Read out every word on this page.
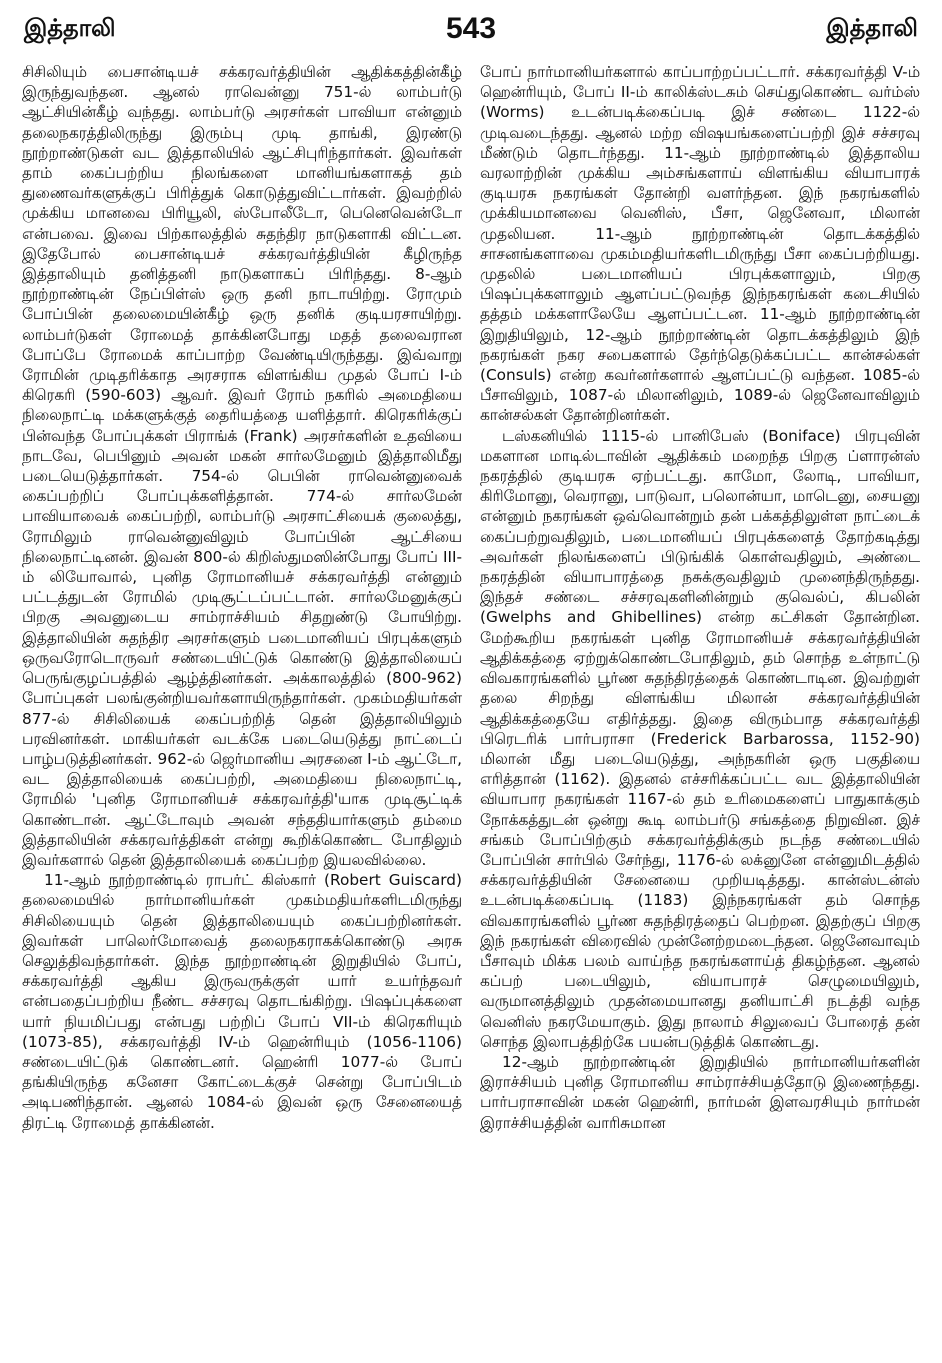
இத்தாலி	543	இத்தாலி

சிசிலியும் பைசான்டியச் சக்கரவர்த்தியின் ஆதிக்கத்தின்கீழ் இருந்துவந்தன. ஆனல் ராவென்னு 751-ல் லாம்பர்டு ஆட்சியின்கீழ் வந்தது. லாம்பர்டு அரசர்கள் பாவியா என்னும் தலைநகரத்திலிருந்து இரும்பு முடி தாங்கி, இரண்டு நூற்றாண்டுகள் வட இத்தாலியில் ஆட்சிபுரிந்தார்கள். இவர்கள் தாம் கைப்பற்றிய நிலங்களை மானியங்களாகத் தம் துணைவர்களுக்குப் பிரித்துக் கொடுத்துவிட்டார்கள். இவற்றில் முக்கிய மானவை பிரியூலி, ஸ்போலீடோ, பெனெவென்டோ என்பவை. இவை பிற்காலத்தில் சுதந்திர நாடுகளாகி விட்டன. இதேபோல் பைசான்டியச் சக்கரவர்த்தியின் கீழிருந்த இத்தாலியும் தனித்தனி நாடுகளாகப் பிரிந்தது. 8-ஆம் நூற்றாண்டின் நேப்பிள்ஸ் ஒரு தனி நாடாயிற்று. ரோமும் போப்பின் தலைமையின்கீழ் ஒரு தனிக் குடியரசாயிற்று. லாம்பர்டுகள் ரோமைத் தாக்கினபோது மதத் தலைவரான போப்பே ரோமைக் காப்பாற்ற வேண்டியிருந்தது. இவ்வாறு ரோமின் முடிதரிக்காத அரசராக விளங்கிய முதல் போப் I-ம் கிரெகரி (590-603) ஆவர். இவர் ரோம் நகரில் அமைதியை நிலைநாட்டி மக்களுக்குத் தைரியத்தை யளித்தார். கிரெகரிக்குப் பின்வந்த போப்புக்கள் பிராங்க் (Frank) அரசர்களின் உதவியை நாடவே, பெபினும் அவன் மகன் சார்லமேனும் இத்தாலிமீது படையெடுத்தார்கள். 754-ல் பெபின் ராவென்னுவைக் கைப்பற்றிப் போப்புக்களித்தான். 774-ல் சார்லமேன் பாவியாவைக் கைப்பற்றி, லாம்பர்டு அரசாட்சியைக் குலைத்து, ரோமிலும் ராவென்னுவிலும் போப்பின் ஆட்சியை நிலைநாட்டினன். இவன் 800-ல் கிறிஸ்துமஸின்போது போப் III-ம் லியோவால், புனித ரோமானியச் சக்கரவர்த்தி என்னும் பட்டத்துடன் ரோமில் முடிசூட்டப்பட்டான். சார்லமேனுக்குப் பிறகு அவனுடைய சாம்ராச்சியம் சிதறுண்டு போயிற்று. இத்தாலியின் சுதந்திர அரசர்களும் படைமானியப் பிரபுக்களும் ஒருவரோடொருவர் சண்டையிட்டுக் கொண்டு இத்தாலியைப் பெருங்குழப்பத்தில் ஆழ்த்தினர்கள். அக்காலத்தில் (800-962) போப்புகள் பலங்குன்றியவர்களாயிருந்தார்கள். முகம்மதியர்கள் 877-ல் சிசிலியைக் கைப்பற்றித் தென் இத்தாலியிலும் பரவினர்கள். மாகியர்கள் வடக்கே படையெடுத்து நாட்டைப் பாழ்படுத்தினர்கள். 962-ல் ஜெர்மானிய அரசனை I-ம் ஆட்டோ, வட இத்தாலியைக் கைப்பற்றி, அமைதியை நிலைநாட்டி, ரோமில் 'புனித ரோமானியச் சக்கரவர்த்தி'யாக முடிசூட்டிக் கொண்டான். ஆட்டோவும் அவன் சந்ததியார்களும் தம்மை இத்தாலியின் சக்கரவர்த்திகள் என்று கூறிக்கொண்ட போதிலும் இவர்களால் தென் இத்தாலியைக் கைப்பற்ற இயலவில்லை.

11-ஆம் நூற்றாண்டில் ராபர்ட் கிஸ்கார் (Robert Guiscard) தலைமையில் நார்மானியர்கள் முகம்மதியர்களிடமிருந்து சிசிலியையும் தென் இத்தாலியையும் கைப்பற்றினர்கள். இவர்கள் பாலெர்மோவைத் தலைநகராகக்கொண்டு அரசு செலுத்திவந்தார்கள். இந்த நூற்றாண்டின் இறுதியில் போப், சக்கரவர்த்தி ஆகிய இருவருக்குள் யார் உயர்ந்தவர் என்பதைப்பற்றிய நீண்ட சச்சரவு தொடங்கிற்று. பிஷப்புக்களை யார் நியமிப்பது என்பது பற்றிப் போப் VII-ம் கிரெகரியும் (1073-85), சக்கரவர்த்தி IV-ம் ஹென்ரியும் (1056-1106) சண்டையிட்டுக் கொண்டனர். ஹென்ரி 1077-ல் போப் தங்கியிருந்த கனேசா கோட்டைக்குச் சென்று போப்பிடம் அடிபணிந்தான். ஆனல் 1084-ல் இவன் ஒரு சேனையைத் திரட்டி ரோமைத் தாக்கினன்.

போப் நார்மானியர்களால் காப்பாற்றப்பட்டார். சக்கரவர்த்தி V-ம் ஹென்ரியும், போப் II-ம் காலிக்ஸ்டசும் செய்துகொண்ட வர்ம்ஸ் (Worms) உடன்படிக்கைப்படி இச் சண்டை 1122-ல் முடிவடைந்தது. ஆனல் மற்ற விஷயங்களைப்பற்றி இச் சச்சரவு மீண்டும் தொடர்ந்தது. 11-ஆம் நூற்றாண்டில் இத்தாலிய வரலாற்றின் முக்கிய அம்சங்களாய் விளங்கிய வியாபாரக் குடியரசு நகரங்கள் தோன்றி வளர்ந்தன. இந் நகரங்களில் முக்கியமானவை வெனிஸ், பீசா, ஜெனேவா, மிலான் முதலியன. 11-ஆம் நூற்றாண்டின் தொடக்கத்தில் சாசனங்களாவை முகம்மதியர்களிடமிருந்து பீசா கைப்பற்றியது. முதலில் படைமானியப் பிரபுக்களாலும், பிறகு பிஷப்புக்களாலும் ஆளப்பட்டுவந்த இந்நகரங்கள் கடைசியில் தத்தம் மக்களாலேயே ஆளப்பட்டன. 11-ஆம் நூற்றாண்டின் இறுதியிலும், 12-ஆம் நூற்றாண்டின் தொடக்கத்திலும் இந் நகரங்கள் நகர சபைகளால் தேர்ந்தெடுக்கப்பட்ட கான்சல்கள் (Consuls) என்ற கவர்னர்களால் ஆளப்பட்டு வந்தன. 1085-ல் பீசாவிலும், 1087-ல் மிலானிலும், 1089-ல் ஜெனேவாவிலும் கான்சல்கள் தோன்றினர்கள்.

டஸ்கனியில் 1115-ல் பானிபேஸ் (Boniface) பிரபுவின் மகளான மாடில்டாவின் ஆதிக்கம் மறைந்த பிறகு ப்ளாரன்ஸ் நகரத்தில் குடியரசு ஏற்பட்டது. காமோ, லோடி, பாவியா, கிரிமோனு, வெரானு, பாடுவா, பலொன்யா, மாடெனு, சையனு என்னும் நகரங்கள் ஒவ்வொன்றும் தன் பக்கத்திலுள்ள நாட்டைக் கைப்பற்றுவதிலும், படைமானியப் பிரபுக்களைத் தோற்கடித்து அவர்கள் நிலங்களைப் பிடுங்கிக் கொள்வதிலும், அண்டை நகரத்தின் வியாபாரத்தை நசுக்குவதிலும் முனைந்திருந்தது. இந்தச் சண்டை சச்சரவுகளினின்றும் குவெல்ப், கிபலின் (Gwelphs and Ghibellines) என்ற கட்சிகள் தோன்றின. மேற்கூறிய நகரங்கள் புனித ரோமானியச் சக்கரவர்த்தியின் ஆதிக்கத்தை ஏற்றுக்கொண்டபோதிலும், தம் சொந்த உள்நாட்டு விவகாரங்களில் பூர்ண சுதந்திரத்தைக் கொண்டாடின. இவற்றுள் தலை சிறந்து விளங்கிய மிலான் சக்கரவர்த்தியின் ஆதிக்கத்தையே எதிர்த்தது. இதை விரும்பாத சக்கரவர்த்தி பிரெடரிக் பார்பராசா (Frederick Barbarossa, 1152-90) மிலான் மீது படையெடுத்து, அந்நகரின் ஒரு பகுதியை எரித்தான் (1162). இதனல் எச்சரிக்கப்பட்ட வட இத்தாலியின் வியாபார நகரங்கள் 1167-ல் தம் உரிமைகளைப் பாதுகாக்கும் நோக்கத்துடன் ஒன்று கூடி லாம்பர்டு சங்கத்தை நிறுவின. இச் சங்கம் போப்பிற்கும் சக்கரவர்த்திக்கும் நடந்த சண்டையில் போப்பின் சார்பில் சேர்ந்து, 1176-ல் லக்னுனே என்னுமிடத்தில் சக்கரவர்த்தியின் சேனையை முறியடித்தது. கான்ஸ்டன்ஸ் உடன்படிக்கைப்படி (1183) இந்நகரங்கள் தம் சொந்த விவகாரங்களில் பூர்ண சுதந்திரத்தைப் பெற்றன. இதற்குப் பிறகு இந் நகரங்கள் விரைவில் முன்னேற்றமடைந்தன. ஜெனேவாவும் பீசாவும் மிக்க பலம் வாய்ந்த நகரங்களாய்த் திகழ்ந்தன. ஆனல் கப்பற் படையிலும், வியாபாரச் செழுமையிலும், வருமானத்திலும் முதன்மையானது தனியாட்சி நடத்தி வந்த வெனிஸ் நகரமேயாகும். இது நாலாம் சிலுவைப் போரைத் தன் சொந்த இலாபத்திற்கே பயன்படுத்திக் கொண்டது.

12-ஆம் நூற்றாண்டின் இறுதியில் நார்மானியர்களின் இராச்சியம் புனித ரோமானிய சாம்ராச்சியத்தோடு இணைந்தது. பார்பராசாவின் மகன் ஹென்ரி, நார்மன் இளவரசியும் நார்மன் இராச்சியத்தின் வாரிசுமான
